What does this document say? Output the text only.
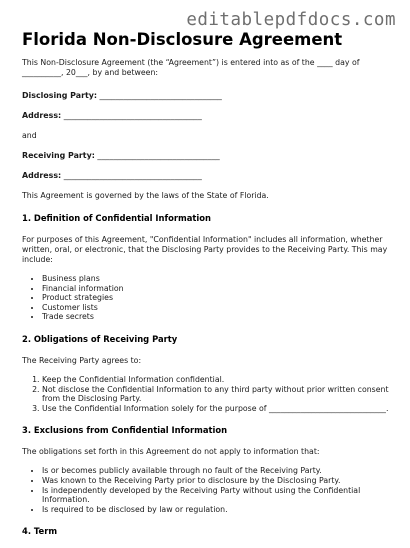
editablepdfdocs.com
Florida Non-Disclosure Agreement

This Non-Disclosure Agreement (the “Agreement”) is entered into as of the ____ day of __________, 20___, by and between:

Disclosing Party: _______________________________
Address: ___________________________________

and

Receiving Party: _______________________________
Address: ___________________________________

This Agreement is governed by the laws of the State of Florida.

1. Definition of Confidential Information

For purposes of this Agreement, "Confidential Information" includes all information, whether written, oral, or electronic, that the Disclosing Party provides to the Receiving Party. This may include:

• Business plans
• Financial information
• Product strategies
• Customer lists
• Trade secrets
2. Obligations of Receiving Party

The Receiving Party agrees to:

1. Keep the Confidential Information confidential.
2. Not disclose the Confidential Information to any third party without prior written consent from the Disclosing Party.
3. Use the Confidential Information solely for the purpose of ______________________________.
3. Exclusions from Confidential Information

The obligations set forth in this Agreement do not apply to information that:

• Is or becomes publicly available through no fault of the Receiving Party.
• Was known to the Receiving Party prior to disclosure by the Disclosing Party.
• Is independently developed by the Receiving Party without using the Confidential Information.
• Is required to be disclosed by law or regulation.
4. Term
